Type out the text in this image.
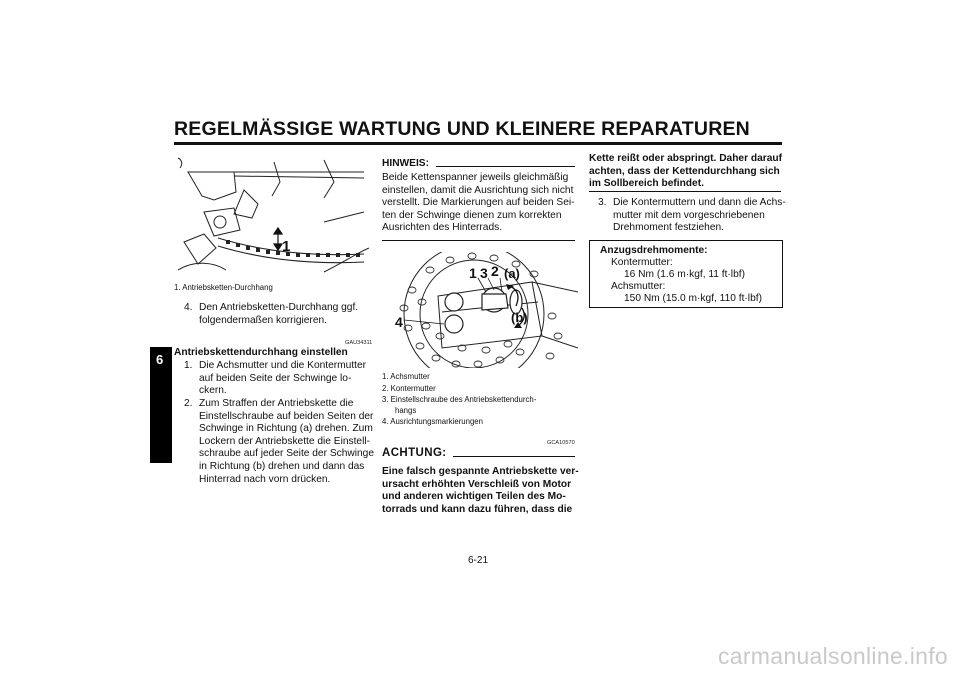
REGELMÄSSIGE WARTUNG UND KLEINERE REPARATUREN
6
1
1. Antriebsketten-Durchhang
4. Den Antriebsketten-Durchhang ggf.
folgendermaßen korrigieren.
GAU34311
Antriebskettendurchhang einstellen
1. Die Achsmutter und die Kontermutter
auf beiden Seite der Schwinge lo-
ckern.
2. Zum Straffen der Antriebskette die
Einstellschraube auf beiden Seiten der
Schwinge in Richtung (a) drehen. Zum
Lockern der Antriebskette die Einstell-
schraube auf jeder Seite der Schwinge
in Richtung (b) drehen und dann das
Hinterrad nach vorn drücken.
HINWEIS:
Beide Kettenspanner jeweils gleichmäßig
einstellen, damit die Ausrichtung sich nicht
verstellt. Die Markierungen auf beiden Sei-
ten der Schwinge dienen zum korrekten
Ausrichten des Hinterrads.
1 3 2 (a)
(b)
4
1. Achsmutter
2. Kontermutter
3. Einstellschraube des Antriebskettendurch-
hangs
4. Ausrichtungsmarkierungen
GCA10570
ACHTUNG:
Eine falsch gespannte Antriebskette ver-
ursacht erhöhten Verschleiß von Motor
und anderen wichtigen Teilen des Mo-
torrads und kann dazu führen, dass die
Kette reißt oder abspringt. Daher darauf
achten, dass der Kettendurchhang sich
im Sollbereich befindet.
3. Die Kontermuttern und dann die Achs-
mutter mit dem vorgeschriebenen
Drehmoment festziehen.
Anzugsdrehmomente:
Kontermutter:
16 Nm (1.6 m·kgf, 11 ft·lbf)
Achsmutter:
150 Nm (15.0 m·kgf, 110 ft·lbf)
6-21
carmanualsonline.info
